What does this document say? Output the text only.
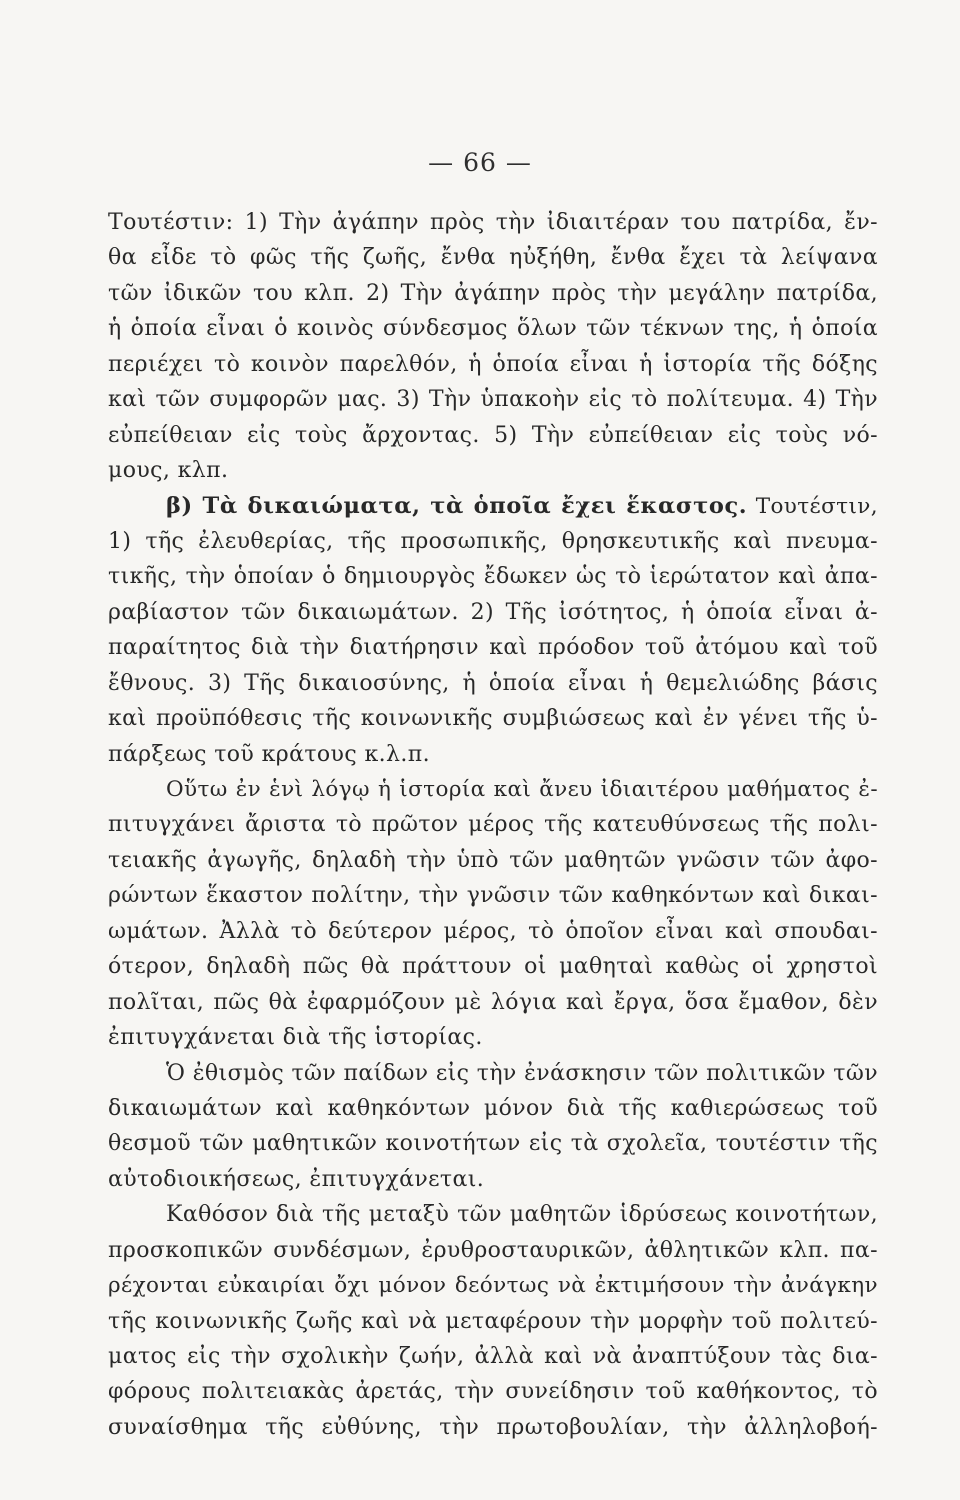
— 66 —
Τουτέστιν: 1) Τὴν ἀγάπην πρὸς τὴν ἰδιαιτέραν του πατρίδα, ἔν-
θα εἶδε τὸ φῶς τῆς ζωῆς, ἔνθα ηὐξήθη, ἔνθα ἔχει τὰ λείψανα
τῶν ἰδικῶν του κλπ. 2) Τὴν ἀγάπην πρὸς τὴν μεγάλην πατρίδα,
ἡ ὁποία εἶναι ὁ κοινὸς σύνδεσμος ὅλων τῶν τέκνων της, ἡ ὁποία
περιέχει τὸ κοινὸν παρελθόν, ἡ ὁποία εἶναι ἡ ἱστορία τῆς δόξης
καὶ τῶν συμφορῶν μας. 3) Τὴν ὑπακοὴν εἰς τὸ πολίτευμα. 4) Τὴν
εὐπείθειαν εἰς τοὺς ἄρχοντας. 5) Τὴν εὐπείθειαν εἰς τοὺς νό-
μους, κλπ.
β) Τὰ δικαιώματα, τὰ ὁποῖα ἔχει ἕκαστος. Τουτέστιν,
1) τῆς ἐλευθερίας, τῆς προσωπικῆς, θρησκευτικῆς καὶ πνευμα-
τικῆς, τὴν ὁποίαν ὁ δημιουργὸς ἔδωκεν ὡς τὸ ἱερώτατον καὶ ἀπα-
ραβίαστον τῶν δικαιωμάτων. 2) Τῆς ἰσότητος, ἡ ὁποία εἶναι ἀ-
παραίτητος διὰ τὴν διατήρησιν καὶ πρόοδον τοῦ ἀτόμου καὶ τοῦ
ἔθνους. 3) Τῆς δικαιοσύνης, ἡ ὁποία εἶναι ἡ θεμελιώδης βάσις
καὶ προϋπόθεσις τῆς κοινωνικῆς συμβιώσεως καὶ ἐν γένει τῆς ὑ-
πάρξεως τοῦ κράτους κ.λ.π.
Οὕτω ἐν ἑνὶ λόγῳ ἡ ἱστορία καὶ ἄνευ ἰδιαιτέρου μαθήματος ἐ-
πιτυγχάνει ἄριστα τὸ πρῶτον μέρος τῆς κατευθύνσεως τῆς πολι-
τειακῆς ἀγωγῆς, δηλαδὴ τὴν ὑπὸ τῶν μαθητῶν γνῶσιν τῶν ἀφο-
ρώντων ἕκαστον πολίτην, τὴν γνῶσιν τῶν καθηκόντων καὶ δικαι-
ωμάτων. Ἀλλὰ τὸ δεύτερον μέρος, τὸ ὁποῖον εἶναι καὶ σπουδαι-
ότερον, δηλαδὴ πῶς θὰ πράττουν οἱ μαθηταὶ καθὼς οἱ χρηστοὶ
πολῖται, πῶς θὰ ἐφαρμόζουν μὲ λόγια καὶ ἔργα, ὅσα ἔμαθον, δὲν
ἐπιτυγχάνεται διὰ τῆς ἱστορίας.
Ὁ ἐθισμὸς τῶν παίδων εἰς τὴν ἐνάσκησιν τῶν πολιτικῶν τῶν
δικαιωμάτων καὶ καθηκόντων μόνον διὰ τῆς καθιερώσεως τοῦ
θεσμοῦ τῶν μαθητικῶν κοινοτήτων εἰς τὰ σχολεῖα, τουτέστιν τῆς
αὐτοδιοικήσεως, ἐπιτυγχάνεται.
Καθόσον διὰ τῆς μεταξὺ τῶν μαθητῶν ἱδρύσεως κοινοτήτων,
προσκοπικῶν συνδέσμων, ἐρυθροσταυρικῶν, ἀθλητικῶν κλπ. πα-
ρέχονται εὐκαιρίαι ὄχι μόνον δεόντως νὰ ἐκτιμήσουν τὴν ἀνάγκην
τῆς κοινωνικῆς ζωῆς καὶ νὰ μεταφέρουν τὴν μορφὴν τοῦ πολιτεύ-
ματος εἰς τὴν σχολικὴν ζωήν, ἀλλὰ καὶ νὰ ἀναπτύξουν τὰς δια-
φόρους πολιτειακὰς ἀρετάς, τὴν συνείδησιν τοῦ καθήκοντος, τὸ
συναίσθημα τῆς εὐθύνης, τὴν πρωτοβουλίαν, τὴν ἀλληλοβοή-
